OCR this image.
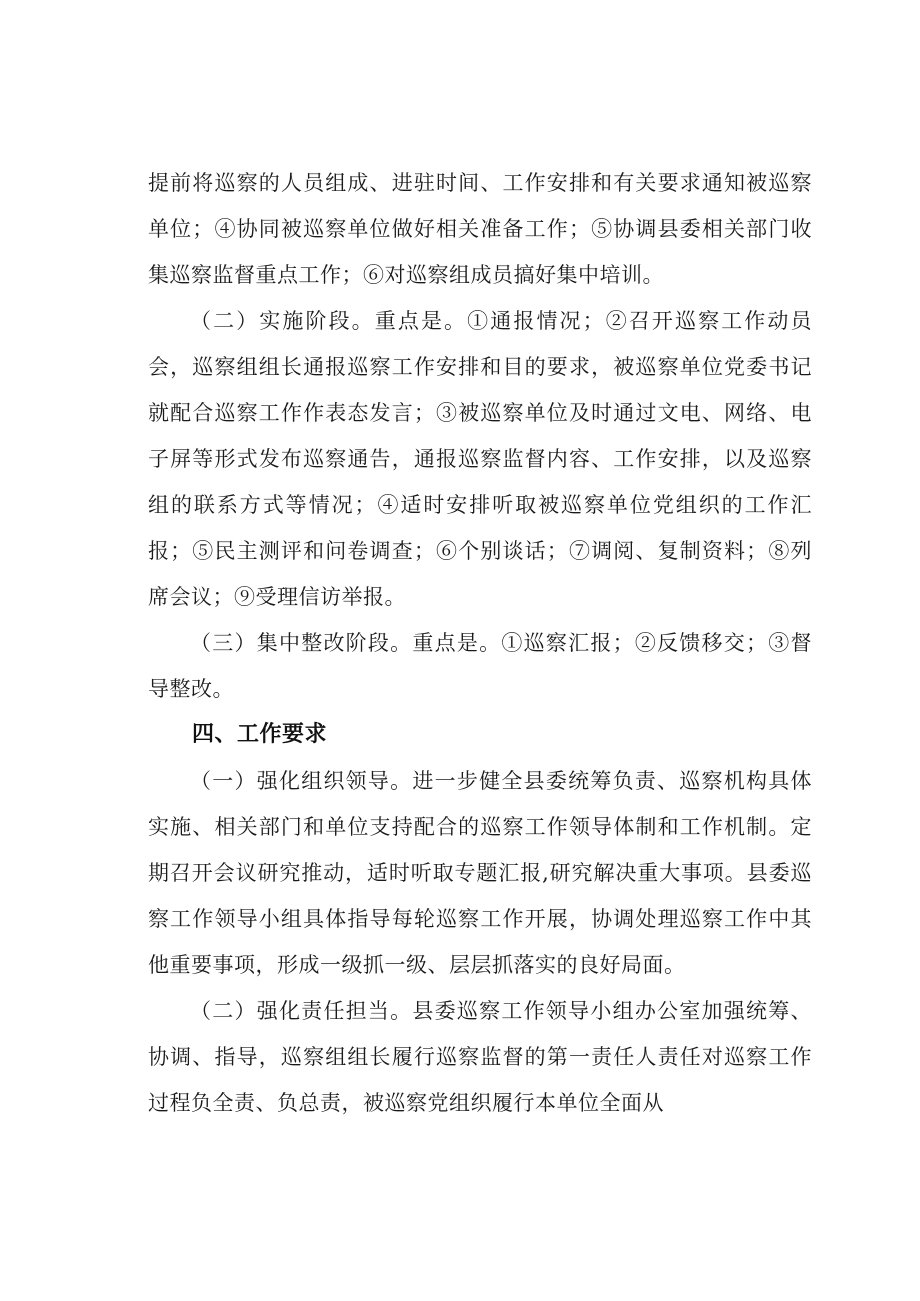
提前将巡察的人员组成、进驻时间、工作安排和有关要求通知被巡察单位；④协同被巡察单位做好相关准备工作；⑤协调县委相关部门收集巡察监督重点工作；⑥对巡察组成员搞好集中培训。

（二）实施阶段。重点是。①通报情况；②召开巡察工作动员会，巡察组组长通报巡察工作安排和目的要求，被巡察单位党委书记就配合巡察工作作表态发言；③被巡察单位及时通过文电、网络、电子屏等形式发布巡察通告，通报巡察监督内容、工作安排，以及巡察组的联系方式等情况；④适时安排听取被巡察单位党组织的工作汇报；⑤民主测评和问卷调查；⑥个别谈话；⑦调阅、复制资料；⑧列席会议；⑨受理信访举报。

（三）集中整改阶段。重点是。①巡察汇报；②反馈移交；③督导整改。

四、工作要求

（一）强化组织领导。进一步健全县委统筹负责、巡察机构具体实施、相关部门和单位支持配合的巡察工作领导体制和工作机制。定期召开会议研究推动，适时听取专题汇报,研究解决重大事项。县委巡察工作领导小组具体指导每轮巡察工作开展，协调处理巡察工作中其他重要事项，形成一级抓一级、层层抓落实的良好局面。

（二）强化责任担当。县委巡察工作领导小组办公室加强统筹、协调、指导，巡察组组长履行巡察监督的第一责任人责任对巡察工作过程负全责、负总责，被巡察党组织履行本单位全面从
